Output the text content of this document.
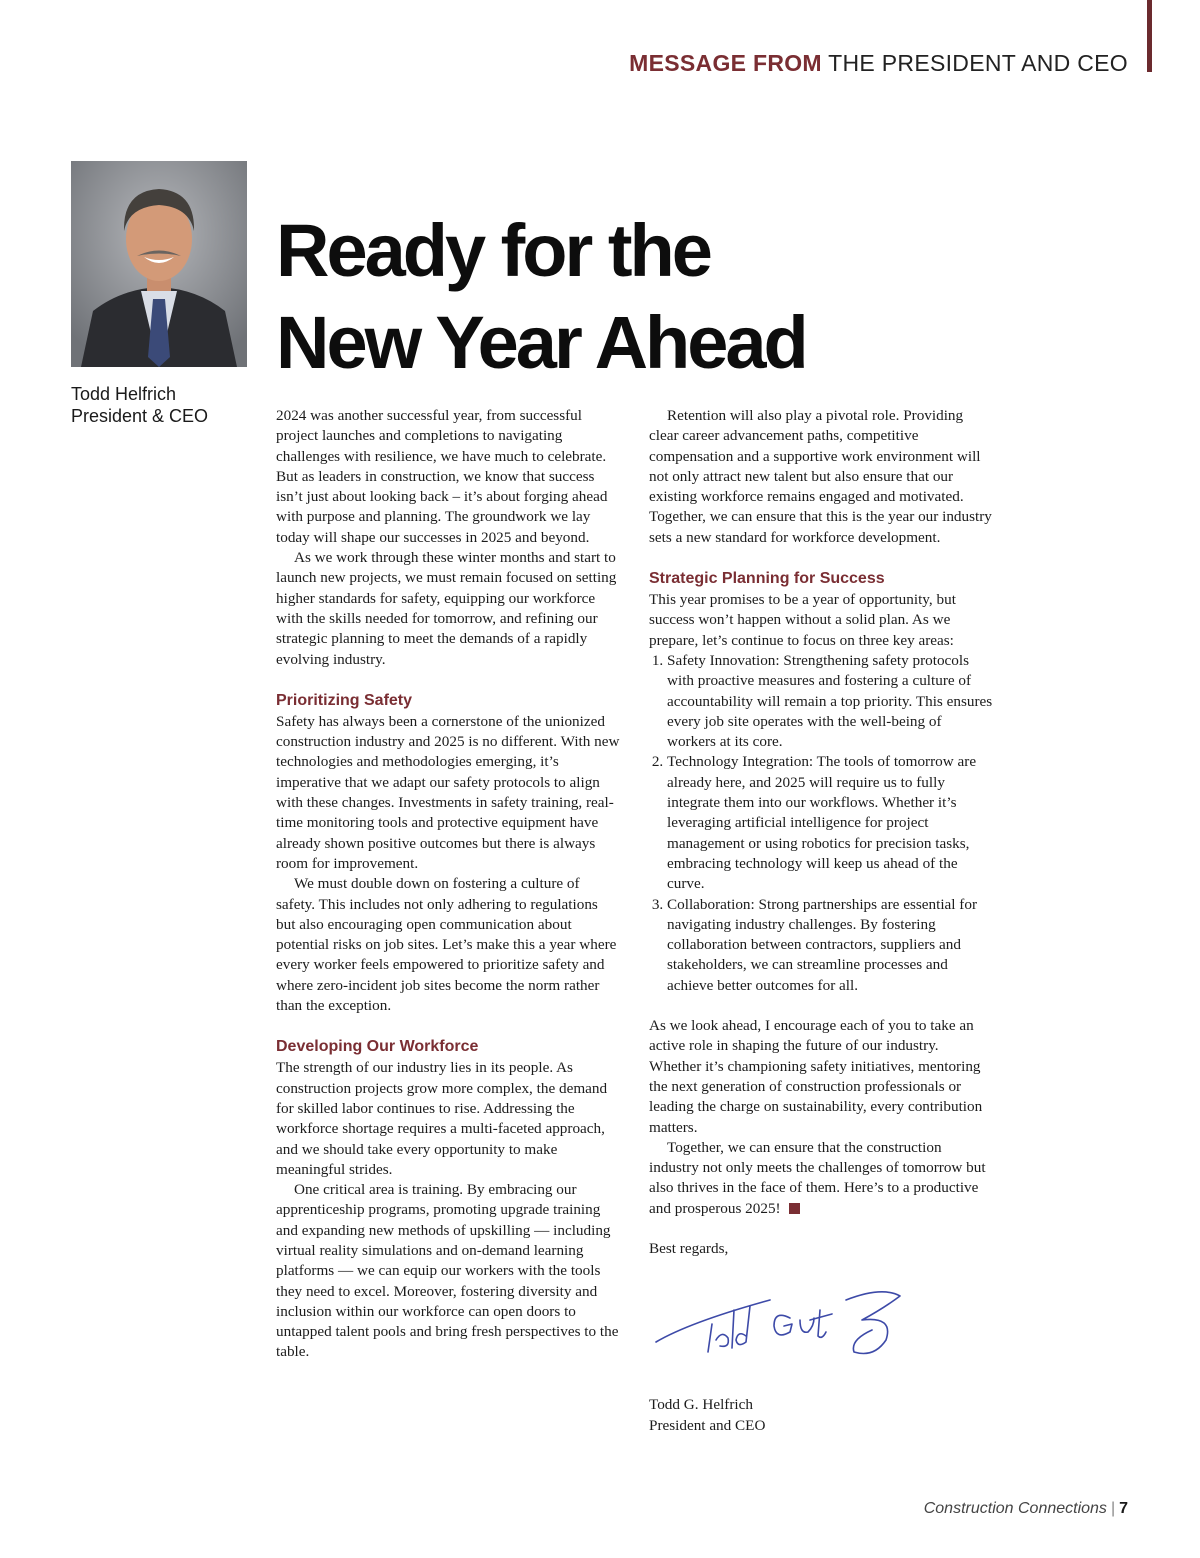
MESSAGE FROM THE PRESIDENT AND CEO
Todd Helfrich
President & CEO
Ready for the
New Year Ahead

2024 was another successful year, from successful project launches and completions to navigating challenges with resilience, we have much to celebrate. But as leaders in construction, we know that success isn’t just about looking back – it’s about forging ahead with purpose and planning. The groundwork we lay today will shape our successes in 2025 and beyond.

As we work through these winter months and start to launch new projects, we must remain focused on setting higher standards for safety, equipping our workforce with the skills needed for tomorrow, and refining our strategic planning to meet the demands of a rapidly evolving industry.

Prioritizing Safety

Safety has always been a cornerstone of the unionized construction industry and 2025 is no different. With new technologies and methodologies emerging, it’s imperative that we adapt our safety protocols to align with these changes. Investments in safety training, real-time monitoring tools and protective equipment have already shown positive outcomes but there is always room for improvement.

We must double down on fostering a culture of safety. This includes not only adhering to regulations but also encouraging open communication about potential risks on job sites. Let’s make this a year where every worker feels empowered to prioritize safety and where zero-incident job sites become the norm rather than the exception.

Developing Our Workforce

The strength of our industry lies in its people. As construction projects grow more complex, the demand for skilled labor continues to rise. Addressing the workforce shortage requires a multi-faceted approach, and we should take every opportunity to make meaningful strides.

One critical area is training. By embracing our apprenticeship programs, promoting upgrade training and expanding new methods of upskilling — including virtual reality simulations and on-demand learning platforms — we can equip our workers with the tools they need to excel. Moreover, fostering diversity and inclusion within our workforce can open doors to untapped talent pools and bring fresh perspectives to the table.

Retention will also play a pivotal role. Providing clear career advancement paths, competitive compensation and a supportive work environment will not only attract new talent but also ensure that our existing workforce remains engaged and motivated. Together, we can ensure that this is the year our industry sets a new standard for workforce development.

Strategic Planning for Success

This year promises to be a year of opportunity, but success won’t happen without a solid plan. As we prepare, let’s continue to focus on three key areas:

1. Safety Innovation: Strengthening safety protocols with proactive measures and fostering a culture of accountability will remain a top priority. This ensures every job site operates with the well-being of workers at its core.
2. Technology Integration: The tools of tomorrow are already here, and 2025 will require us to fully integrate them into our workflows. Whether it’s leveraging artificial intelligence for project management or using robotics for precision tasks, embracing technology will keep us ahead of the curve.
3. Collaboration: Strong partnerships are essential for navigating industry challenges. By fostering collaboration between contractors, suppliers and stakeholders, we can streamline processes and achieve better outcomes for all.

As we look ahead, I encourage each of you to take an active role in shaping the future of our industry. Whether it’s championing safety initiatives, mentoring the next generation of construction professionals or leading the charge on sustainability, every contribution matters.

Together, we can ensure that the construction industry not only meets the challenges of tomorrow but also thrives in the face of them. Here’s to a productive and prosperous 2025!

Best regards,

Todd G. Helfrich

President and CEO

Construction Connections | 7
